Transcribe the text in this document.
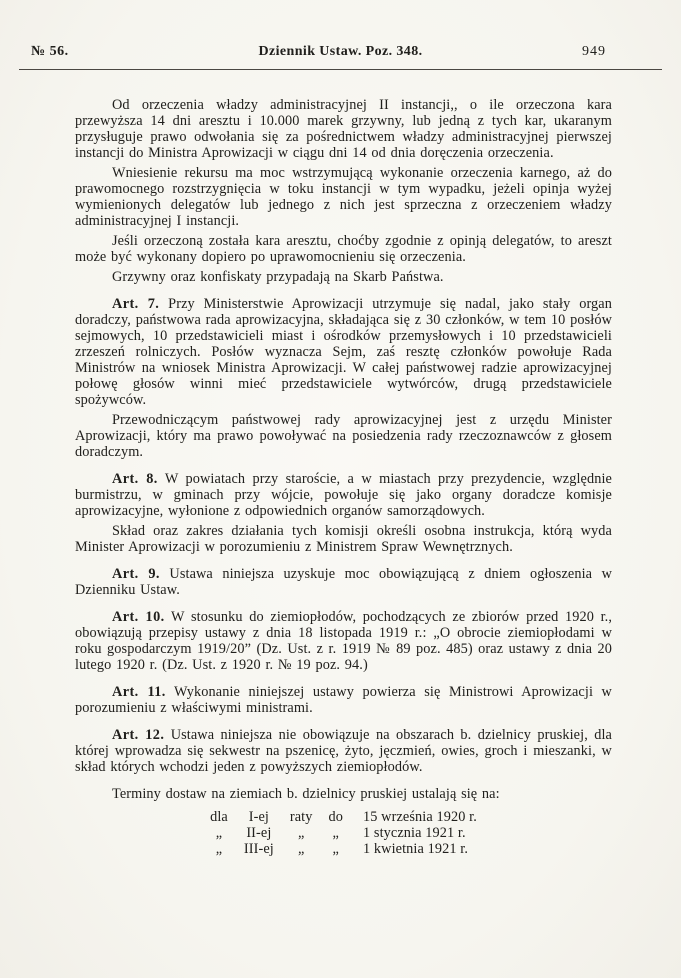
№ 56.	Dziennik Ustaw. Poz. 348.	949

Od orzeczenia władzy administracyjnej II instancji,, o ile orzeczona kara przewyższa 14 dni aresztu i 10.000 marek grzywny, lub jedną z tych kar, ukaranym przysługuje prawo odwołania się za pośrednictwem władzy administracyjnej pierwszej instancji do Ministra Aprowizacji w ciągu dni 14 od dnia doręczenia orzeczenia.

Wniesienie rekursu ma moc wstrzymującą wykonanie orzeczenia karnego, aż do prawomocnego rozstrzygnięcia w toku instancji w tym wypadku, jeżeli opinja wyżej wymienionych delegatów lub jednego z nich jest sprzeczna z orzeczeniem władzy administracyjnej I instancji.

Jeśli orzeczoną została kara aresztu, choćby zgodnie z opinją delegatów, to areszt może być wykonany dopiero po uprawomocnieniu się orzeczenia.

Grzywny oraz konfiskaty przypadają na Skarb Państwa.

Art. 7. Przy Ministerstwie Aprowizacji utrzymuje się nadal, jako stały organ doradczy, państwowa rada aprowizacyjna, składająca się z 30 członków, w tem 10 posłów sejmowych, 10 przedstawicieli miast i ośrodków przemysłowych i 10 przedstawicieli zrzeszeń rolniczych. Posłów wyznacza Sejm, zaś resztę członków powołuje Rada Ministrów na wniosek Ministra Aprowizacji. W całej państwowej radzie aprowizacyjnej połowę głosów winni mieć przedstawiciele wytwórców, drugą przedstawiciele spożywców.

Przewodniczącym państwowej rady aprowizacyjnej jest z urzędu Minister Aprowizacji, który ma prawo powoływać na posiedzenia rady rzeczoznawców z głosem doradczym.

Art. 8. W powiatach przy staroście, a w miastach przy prezydencie, względnie burmistrzu, w gminach przy wójcie, powołuje się jako organy doradcze komisje aprowizacyjne, wyłonione z odpowiednich organów samorządowych.

Skład oraz zakres działania tych komisji określi osobna instrukcja, którą wyda Minister Aprowizacji w porozumieniu z Ministrem Spraw Wewnętrznych.

Art. 9. Ustawa niniejsza uzyskuje moc obowiązującą z dniem ogłoszenia w Dzienniku Ustaw.

Art. 10. W stosunku do ziemiopłodów, pochodzących ze zbiorów przed 1920 r., obowiązują przepisy ustawy z dnia 18 listopada 1919 r.: „O obrocie ziemiopłodami w roku gospodarczym 1919/20” (Dz. Ust. z r. 1919 № 89 poz. 485) oraz ustawy z dnia 20 lutego 1920 r. (Dz. Ust. z 1920 r. № 19 poz. 94.)

Art. 11. Wykonanie niniejszej ustawy powierza się Ministrowi Aprowizacji w porozumieniu z właściwymi ministrami.

Art. 12. Ustawa niniejsza nie obowiązuje na obszarach b. dzielnicy pruskiej, dla której wprowadza się sekwestr na pszenicę, żyto, jęczmień, owies, groch i mieszanki, w skład których wchodzi jeden z powyższych ziemiopłodów.

Terminy dostaw na ziemiach b. dzielnicy pruskiej ustalają się na:

dla	I-ej	raty	do	15 września 1920 r.
„	II-ej	„	„	1 stycznia 1921 r.
„	III-ej	„	„	1 kwietnia 1921 r.
